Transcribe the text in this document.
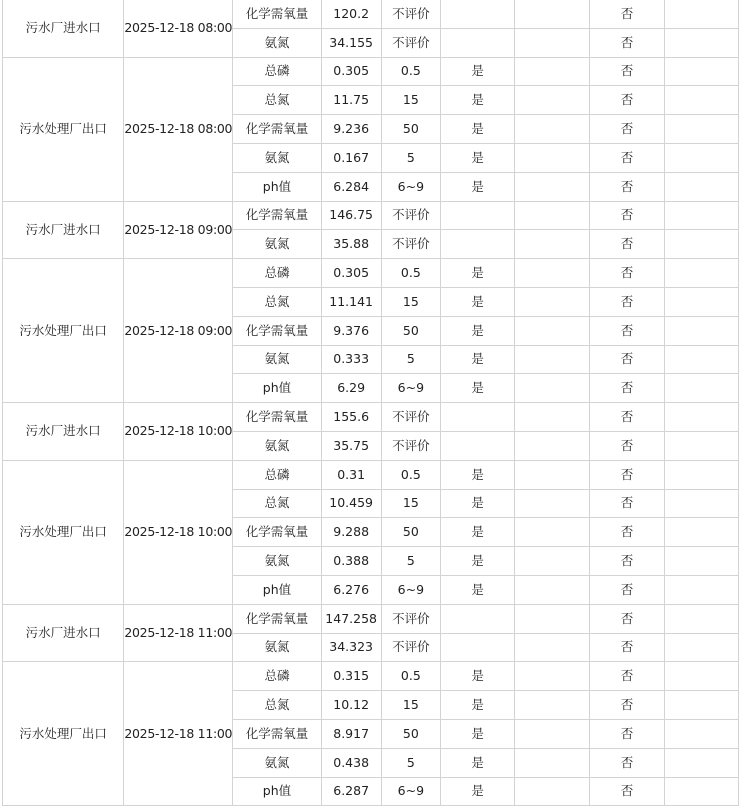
污水厂进水口	2025-12-18 08:00	化学需氧量	120.2	不评价			否	
		氨氮	34.155	不评价			否	
污水处理厂出口	2025-12-18 08:00	总磷	0.305	0.5	是		否	
		总氮	11.75	15	是		否	
		化学需氧量	9.236	50	是		否	
		氨氮	0.167	5	是		否	
		ph值	6.284	6~9	是		否	
污水厂进水口	2025-12-18 09:00	化学需氧量	146.75	不评价			否	
		氨氮	35.88	不评价			否	
污水处理厂出口	2025-12-18 09:00	总磷	0.305	0.5	是		否	
		总氮	11.141	15	是		否	
		化学需氧量	9.376	50	是		否	
		氨氮	0.333	5	是		否	
		ph值	6.29	6~9	是		否	
污水厂进水口	2025-12-18 10:00	化学需氧量	155.6	不评价			否	
		氨氮	35.75	不评价			否	
污水处理厂出口	2025-12-18 10:00	总磷	0.31	0.5	是		否	
		总氮	10.459	15	是		否	
		化学需氧量	9.288	50	是		否	
		氨氮	0.388	5	是		否	
		ph值	6.276	6~9	是		否	
污水厂进水口	2025-12-18 11:00	化学需氧量	147.258	不评价			否	
		氨氮	34.323	不评价			否	
污水处理厂出口	2025-12-18 11:00	总磷	0.315	0.5	是		否	
		总氮	10.12	15	是		否	
		化学需氧量	8.917	50	是		否	
		氨氮	0.438	5	是		否	
		ph值	6.287	6~9	是		否	
